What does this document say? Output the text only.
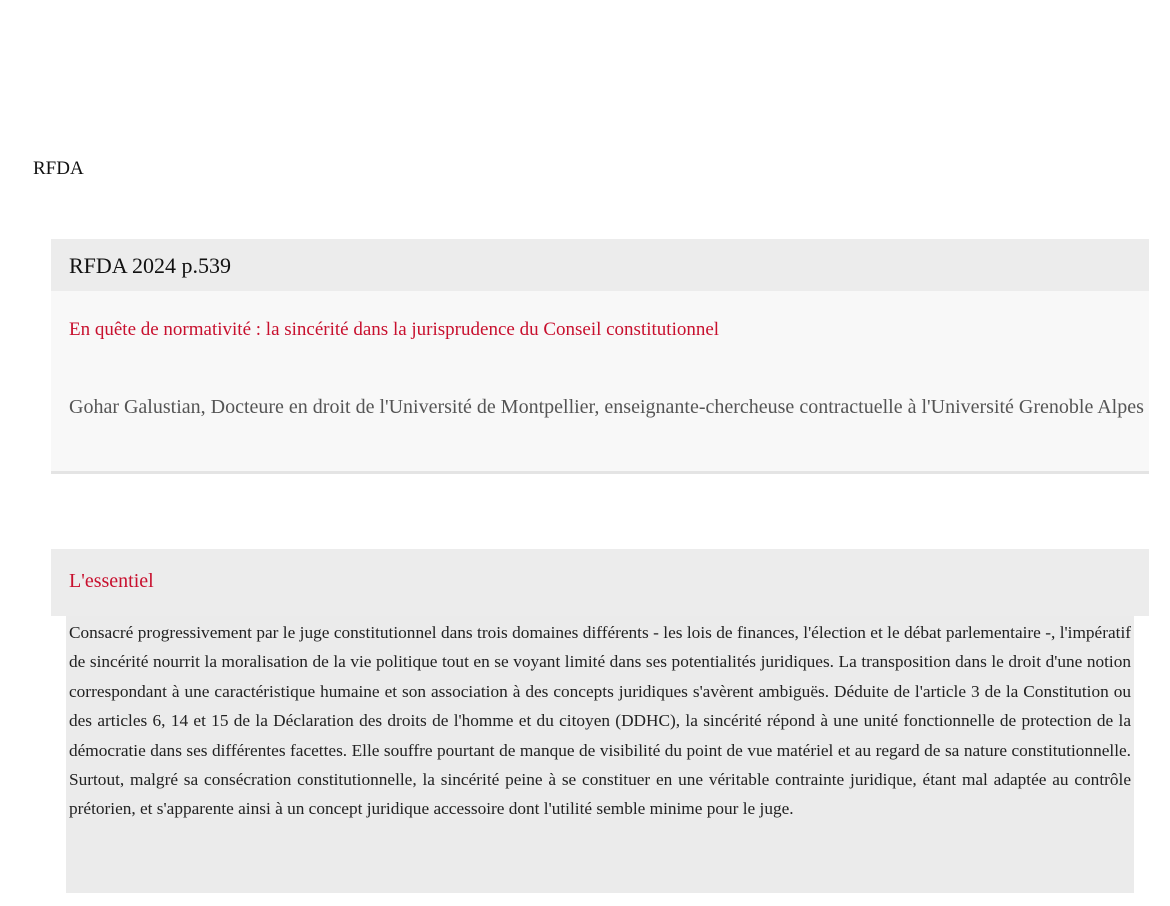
RFDA
RFDA 2024 p.539
En quête de normativité : la sincérité dans la jurisprudence du Conseil constitutionnel
Gohar Galustian, Docteure en droit de l'Université de Montpellier, enseignante-chercheuse contractuelle à l'Université Grenoble Alpes
L'essentiel

Consacré progressivement par le juge constitutionnel dans trois domaines différents - les lois de finances, l'élection et le débat parlementaire -, l'impératif de sincérité nourrit la moralisation de la vie politique tout en se voyant limité dans ses potentialités juridiques. La transposition dans le droit d'une notion correspondant à une caractéristique humaine et son association à des concepts juridiques s'avèrent ambiguës. Déduite de l'article 3 de la Constitution ou des articles 6, 14 et 15 de la Déclaration des droits de l'homme et du citoyen (DDHC), la sincérité répond à une unité fonctionnelle de protection de la démocratie dans ses différentes facettes. Elle souffre pourtant de manque de visibilité du point de vue matériel et au regard de sa nature constitutionnelle. Surtout, malgré sa consécration constitutionnelle, la sincérité peine à se constituer en une véritable contrainte juridique, étant mal adaptée au contrôle prétorien, et s'apparente ainsi à un concept juridique accessoire dont l'utilité semble minime pour le juge.
